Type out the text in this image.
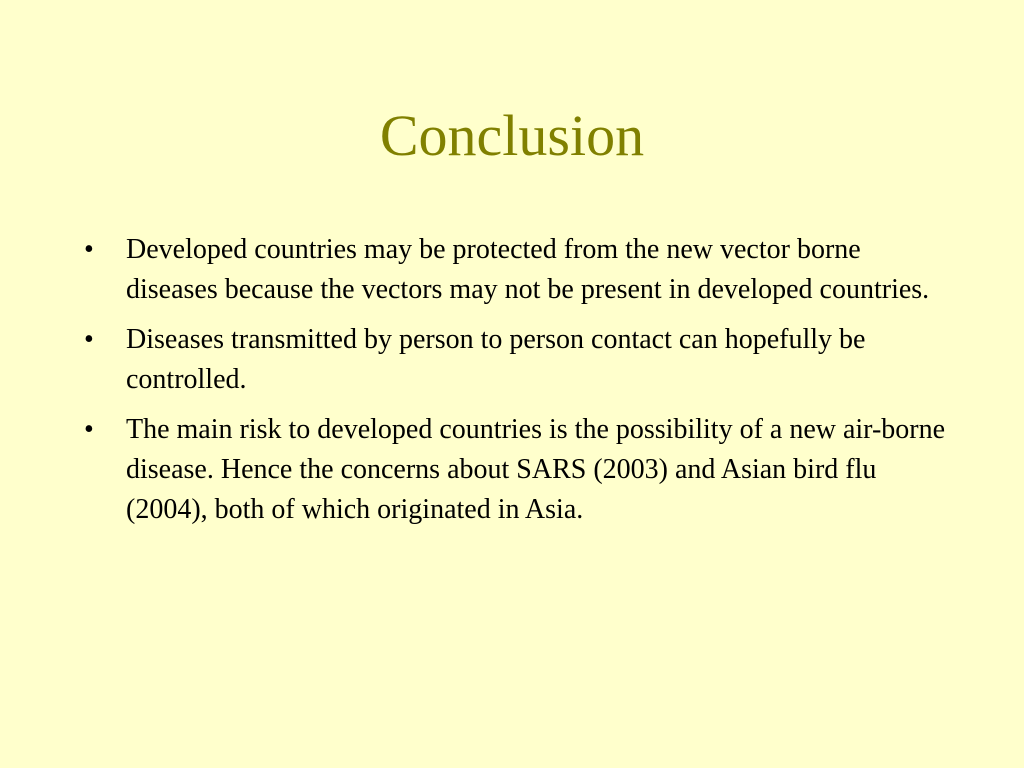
Conclusion
•	Developed countries may be protected from the new vector borne diseases because the vectors may not be present in developed countries.
•	Diseases transmitted by person to person contact can hopefully be controlled.
•	The main risk to developed countries is the possibility of a new air-borne disease. Hence the concerns about SARS (2003) and Asian bird flu (2004), both of which originated in Asia.
